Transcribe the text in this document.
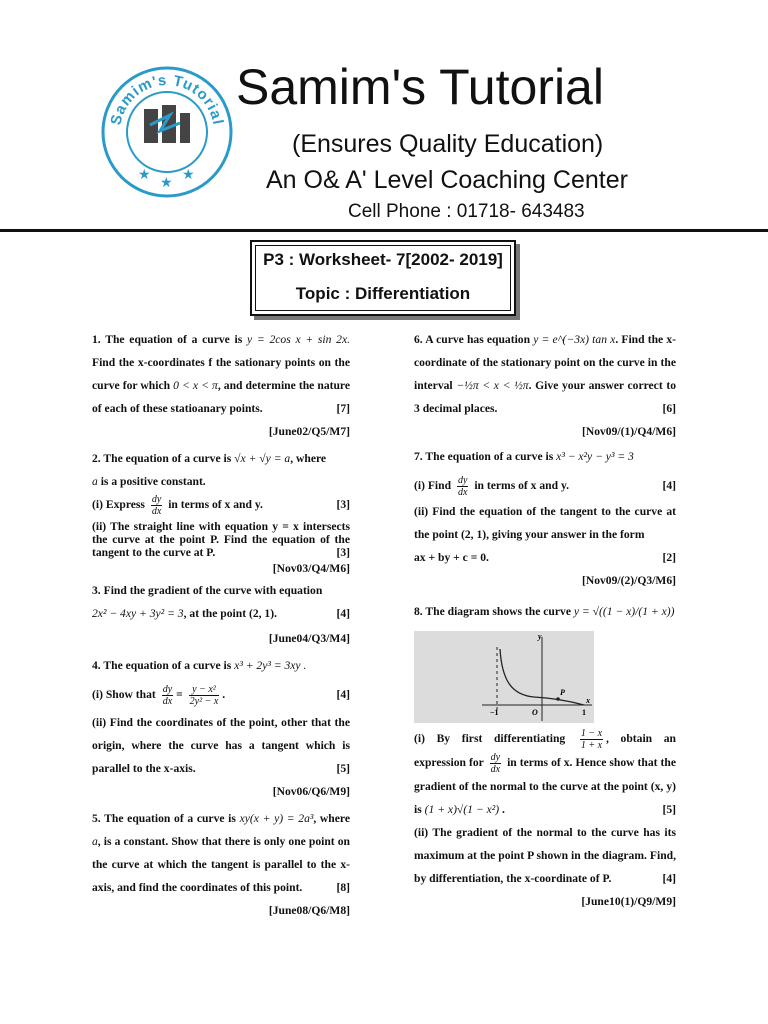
Samim's Tutorial
★ ★ ★
Samim's Tutorial
(Ensures Quality Education)
An O& A' Level Coaching Center
Cell Phone : 01718- 643483
P3 : Worksheet- 7[2002- 2019]
Topic : Differentiation
1. The equation of a curve is y = 2cos x + sin 2x. Find the x-coordinates f the sationary points on the curve for which 0 < x < π, and determine the nature of each of these statioanary points.	[7]
[June02/Q5/M7]
2. The equation of a curve is √x + √y = a, where
a is a positive constant.
(i) Express $\frac{dy}{dx}$ in terms of x and y.	[3]
(ii) The straight line with equation y = x intersects the curve at the point P. Find the equation of the tangent to the curve at P.	[3]
[Nov03/Q4/M6]
3. Find the gradient of the curve with equation
2x² − 4xy + 3y² = 3, at the point (2, 1).	[4]
[June04/Q3/M4]
4. The equation of a curve is x³ + 2y³ = 3xy .
(i) Show that $\frac{dy}{dx} = \frac{\text{y − x²}}{\text{2y² − x}}$ .	[4]
(ii) Find the coordinates of the point, other that the origin, where the curve has a tangent which is parallel to the x-axis.	[5]
[Nov06/Q6/M9]
5. The equation of a curve is xy(x + y) = 2a³, where a, is a constant. Show that there is only one point on the curve at which the tangent is parallel to the x-axis, and find the coordinates of this point.	[8]
[June08/Q6/M8]
6. A curve has equation y = e^(−3x) tan x. Find the x-coordinate of the stationary point on the curve in the interval −½π < x < ½π. Give your answer correct to 3 decimal places.	[6]
[Nov09/(1)/Q4/M6]
7. The equation of a curve is x³ − x²y − y³ = 3
(i) Find $\frac{dy}{dx}$ in terms of x and y.	[4]
(ii) Find the equation of the tangent to the curve at the point (2, 1), giving your answer in the form
ax + by + c = 0.	[2]
[Nov09/(2)/Q3/M6]
8. The diagram shows the curve y = √((1 − x)/(1 + x))
y
x
P
O
−1	1
(i) By first differentiating $\frac{1 - x}{1 + x}$ , obtain an expression for $\frac{dy}{dx}$ in terms of x. Hence show that the gradient of the normal to the curve at the point (x, y) is (1 + x)√(1 − x²) .	[5]
(ii) The gradient of the normal to the curve has its maximum at the point P shown in the diagram. Find, by differentiation, the x-coordinate of P.	[4]
[June10(1)/Q9/M9]
